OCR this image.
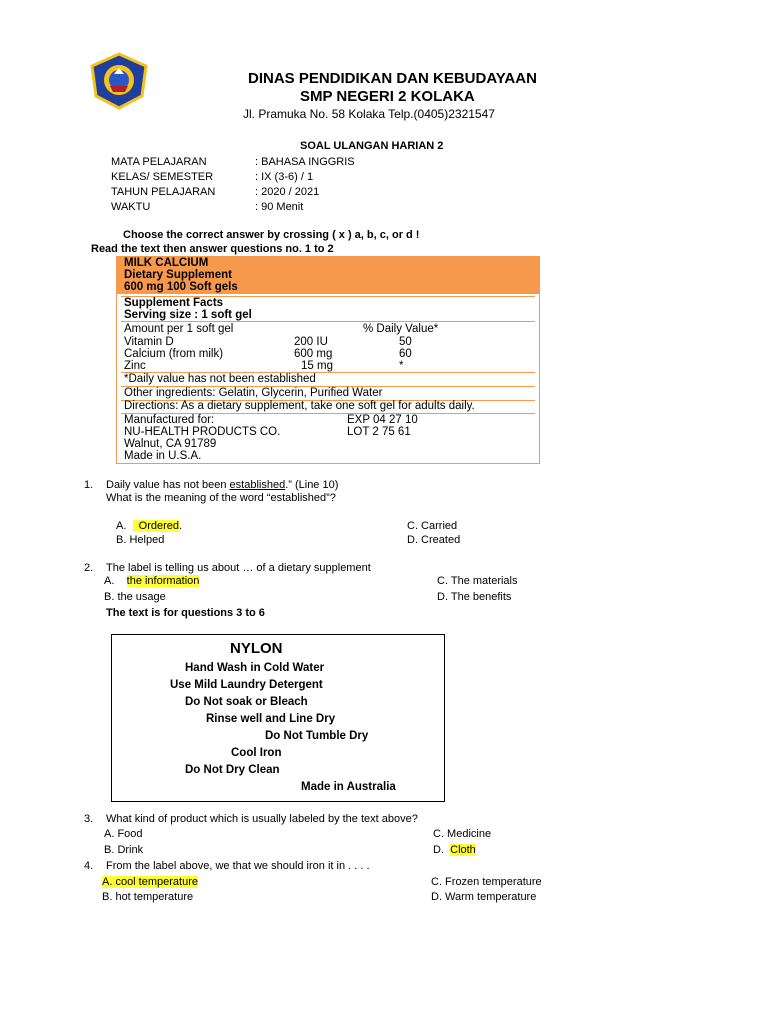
DINAS PENDIDIKAN DAN KEBUDAYAAN
SMP NEGERI 2 KOLAKA
Jl. Pramuka No. 58 Kolaka Telp.(0405)2321547
SOAL ULANGAN HARIAN 2
MATA PELAJARAN	: BAHASA INGGRIS
KELAS/ SEMESTER	: IX (3-6) / 1
TAHUN PELAJARAN	: 2020 / 2021
WAKTU	: 90 Menit
Choose the correct answer by crossing ( x ) a, b, c, or d !
Read the text then answer questions no. 1 to 2
MILK CALCIUM
Dietary Supplement
600 mg 100 Soft gels
Supplement Facts
Serving size : 1 soft gel
Amount per 1 soft gel	% Daily Value*
Vitamin D	200 IU	50
Calcium (from milk)	600 mg	60
Zinc	15 mg	*
*Daily value has not been established
Other ingredients: Gelatin, Glycerin, Purified Water
Directions: As a dietary supplement, take one soft gel for adults daily.
Manufactured for:	EXP 04 27 10
NU-HEALTH PRODUCTS CO.	LOT 2 75 61
Walnut, CA 91789
Made in U.S.A.
1. Daily value has not been established.” (Line 10)
What is the meaning of the word “established”?
A. Ordered.
B. Helped
C. Carried
D. Created
2. The label is telling us about … of a dietary supplement
A. the information
B. the usage
C. The materials
D. The benefits
The text is for questions 3 to 6
NYLON
Hand Wash in Cold Water
Use Mild Laundry Detergent
Do Not soak or Bleach
Rinse well and Line Dry
Do Not Tumble Dry
Cool Iron
Do Not Dry Clean
Made in Australia
3. What kind of product which is usually labeled by the text above?
A. Food
B. Drink
C. Medicine
D. Cloth
4. From the label above, we that we should iron it in . . . .
A. cool temperature
B. hot temperature
C. Frozen temperature
D. Warm temperature
